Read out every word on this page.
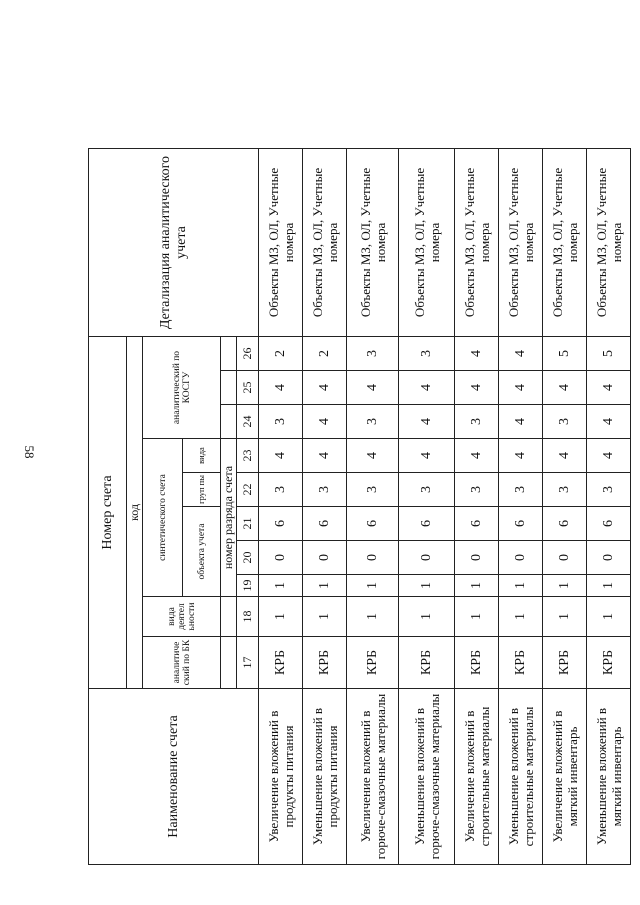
58
Наименование счета	Номер счета										Детализация аналитического учета
	код										
	аналитиче ский по БК	вида деятел ьности	синтетического счета					аналитический по КОСГУ			
			объекта учета			груп пы	вида				
			номер разряда счета								
	17	18	19	20	21	22	23	24	25	26	
Увеличение вложений в продукты питания	КРБ	1	1	0	6	3	4	3	4	2	Объекты МЗ, ОЛ, Учетные номера
Уменьшение вложений в продукты питания	КРБ	1	1	0	6	3	4	4	4	2	Объекты МЗ, ОЛ, Учетные номера
Увеличение вложений в горюче-смазочные материалы	КРБ	1	1	0	6	3	4	3	4	3	Объекты МЗ, ОЛ, Учетные номера
Уменьшение вложений в горюче-смазочные материалы	КРБ	1	1	0	6	3	4	4	4	3	Объекты МЗ, ОЛ, Учетные номера
Увеличение вложений в строительные материалы	КРБ	1	1	0	6	3	4	3	4	4	Объекты МЗ, ОЛ, Учетные номера
Уменьшение вложений в строительные материалы	КРБ	1	1	0	6	3	4	4	4	4	Объекты МЗ, ОЛ, Учетные номера
Увеличение вложений в мягкий инвентарь	КРБ	1	1	0	6	3	4	3	4	5	Объекты МЗ, ОЛ, Учетные номера
Уменьшение вложений в мягкий инвентарь	КРБ	1	1	0	6	3	4	4	4	5	Объекты МЗ, ОЛ, Учетные номера
